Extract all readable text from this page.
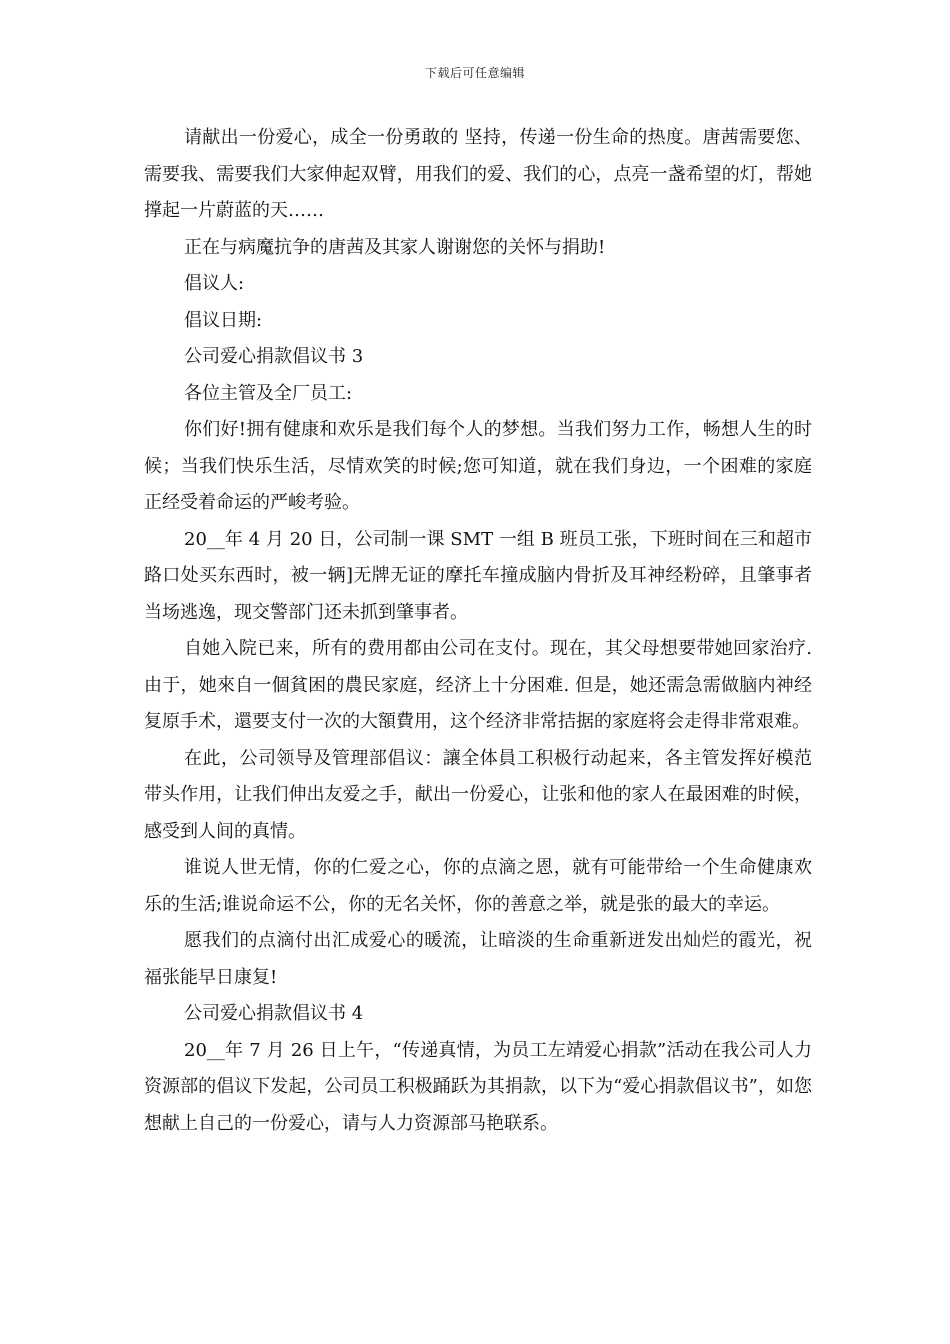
下载后可任意编辑

请献出一份爱心，成全一份勇敢的 坚持，传递一份生命的热度。唐茜需要您、需要我、需要我们大家伸起双臂，用我们的爱、我们的心，点亮一盏希望的灯，帮她撑起一片蔚蓝的天……

正在与病魔抗争的唐茜及其家人谢谢您的关怀与捐助!

倡议人:

倡议日期:

公司爱心捐款倡议书 3

各位主管及全厂员工:

你们好!拥有健康和欢乐是我们每个人的梦想。当我们努力工作，畅想人生的时候；当我们快乐生活，尽情欢笑的时候;您可知道，就在我们身边，一个困难的家庭正经受着命运的严峻考验。

20__年 4 月 20 日，公司制一课 SMT 一组 B 班员工张，下班时间在三和超市路口处买东西时，被一辆]无牌无证的摩托车撞成脑内骨折及耳神经粉碎，且肇事者当场逃逸，现交警部门还未抓到肇事者。

自她入院已来，所有的费用都由公司在支付。现在，其父母想要带她回家治疗. 由于，她來自一個貧困的農民家庭，经济上十分困难. 但是，她还需急需做脑内神经复原手术，還要支付一次的大額費用，这个经济非常拮据的家庭将会走得非常艰难。

在此，公司领导及管理部倡议：讓全体員工积极行动起来，各主管发挥好模范带头作用，让我们伸出友爱之手，献出一份爱心，让张和他的家人在最困难的时候，感受到人间的真情。

谁说人世无情，你的仁爱之心，你的点滴之恩，就有可能带给一个生命健康欢乐的生活;谁说命运不公，你的无名关怀，你的善意之举，就是张的最大的幸运。

愿我们的点滴付出汇成爱心的暖流，让暗淡的生命重新迸发出灿烂的霞光，祝福张能早日康复!

公司爱心捐款倡议书 4

20__年 7 月 26 日上午，“传递真情，为员工左靖爱心捐款”活动在我公司人力资源部的倡议下发起，公司员工积极踊跃为其捐款，以下为“爱心捐款倡议书”，如您想献上自己的一份爱心，请与人力资源部马艳联系。
